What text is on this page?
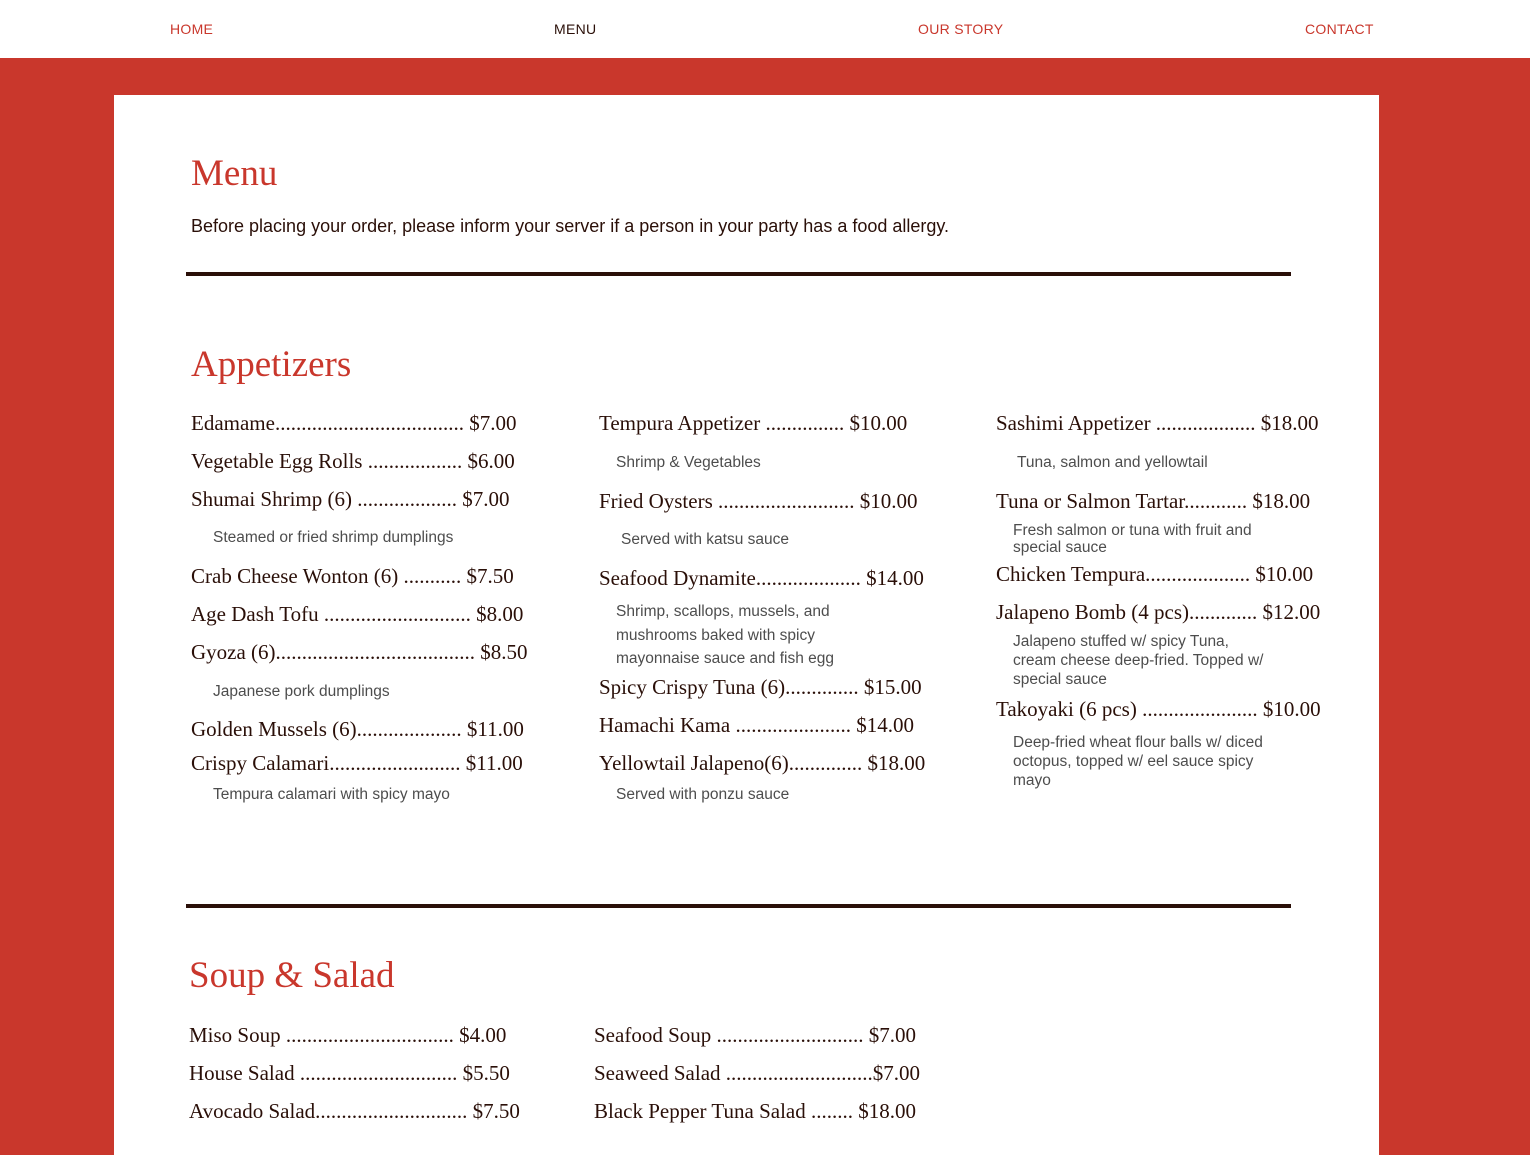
HOME	MENU	OUR STORY	CONTACT
Menu
Before placing your order, please inform your server if a person in your party has a food allergy.
Appetizers
Edamame.................................... $7.00
Vegetable Egg Rolls .................. $6.00
Shumai Shrimp (6) ................... $7.00
Steamed or fried shrimp dumplings
Crab Cheese Wonton (6) ........... $7.50
Age Dash Tofu ............................ $8.00
Gyoza (6)...................................... $8.50
Japanese pork dumplings
Golden Mussels (6).................... $11.00
Crispy Calamari......................... $11.00
Tempura calamari with spicy mayo
Tempura Appetizer ............... $10.00
Shrimp & Vegetables
Fried Oysters .......................... $10.00
Served with katsu sauce
Seafood Dynamite.................... $14.00
Shrimp, scallops, mussels, and mushrooms baked with spicy mayonnaise sauce and fish egg
Spicy Crispy Tuna (6).............. $15.00
Hamachi Kama ...................... $14.00
Yellowtail Jalapeno(6).............. $18.00
Served with ponzu sauce
Sashimi Appetizer ................... $18.00
Tuna, salmon and yellowtail
Tuna or Salmon Tartar............ $18.00
Fresh salmon or tuna with fruit and special sauce
Chicken Tempura.................... $10.00
Jalapeno Bomb (4 pcs)............. $12.00
Jalapeno stuffed w/ spicy Tuna, cream cheese deep-fried. Topped w/ special sauce
Takoyaki (6 pcs) ...................... $10.00
Deep-fried wheat flour balls w/ diced octopus, topped w/ eel sauce spicy mayo
Soup & Salad
Miso Soup ................................ $4.00
House Salad .............................. $5.50
Avocado Salad............................. $7.50
Seafood Soup ............................ $7.00
Seaweed Salad ............................$7.00
Black Pepper Tuna Salad ........ $18.00
